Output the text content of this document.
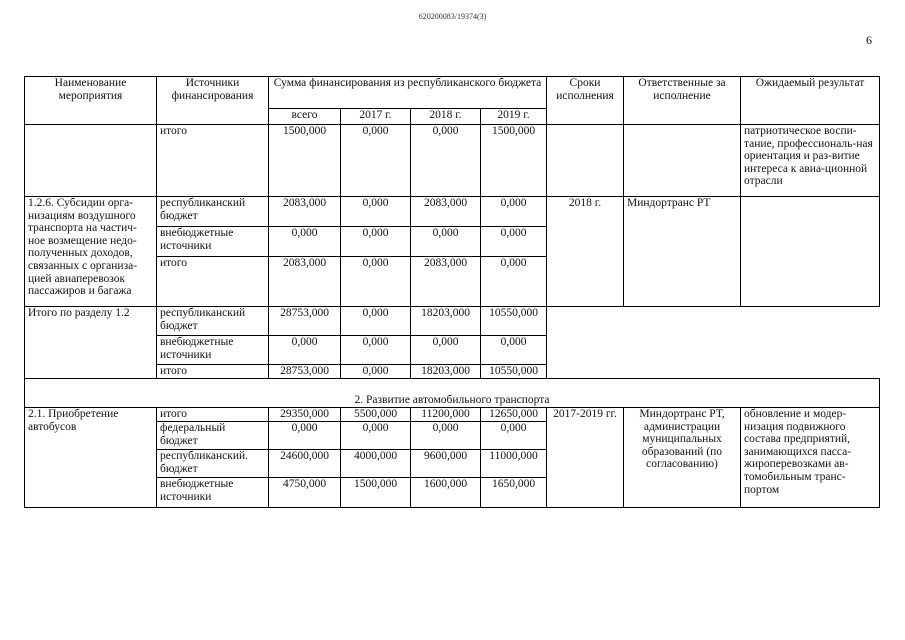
620200083/19374(3)
6
Наименование мероприятия	Источники финансирования	Сумма финансирования из республиканского бюджета				Сроки исполнения	Ответственные за исполнение	Ожидаемый результат
		всего	2017 г.	2018 г.	2019 г.			
	итого	1500,000	0,000	0,000	1500,000			патриотическое воспи-тание, профессиональ-ная ориентация и раз-витие интереса к авиа-ционной отрасли
1.2.6. Субсидии орга-низациям воздушного транспорта на частич-ное возмещение недо-полученных доходов, связанных с организа-цией авиаперевозок пассажиров и багажа	республиканский бюджет	2083,000	0,000	2083,000	0,000	2018 г.	Миндортранс РТ	
	внебюджетные источники	0,000	0,000	0,000	0,000			
	итого	2083,000	0,000	2083,000	0,000			
Итого по разделу 1.2	республиканский бюджет	28753,000	0,000	18203,000	10550,000			
	внебюджетные источники	0,000	0,000	0,000	0,000			
	итого	28753,000	0,000	18203,000	10550,000			
2. Развитие автомобильного транспорта								
2.1. Приобретение автобусов	итого	29350,000	5500,000	11200,000	12650,000	2017-2019 гг.	Миндортранс РТ, администрации муниципальных образований (по согласованию)	обновление и модер-низация подвижного состава предприятий, занимающихся пасса-жироперевозками ав-томобильным транс-портом
	федеральный бюджет	0,000	0,000	0,000	0,000			
	республиканский. бюджет	24600,000	4000,000	9600,000	11000,000			
	внебюджетные источники	4750,000	1500,000	1600,000	1650,000			
